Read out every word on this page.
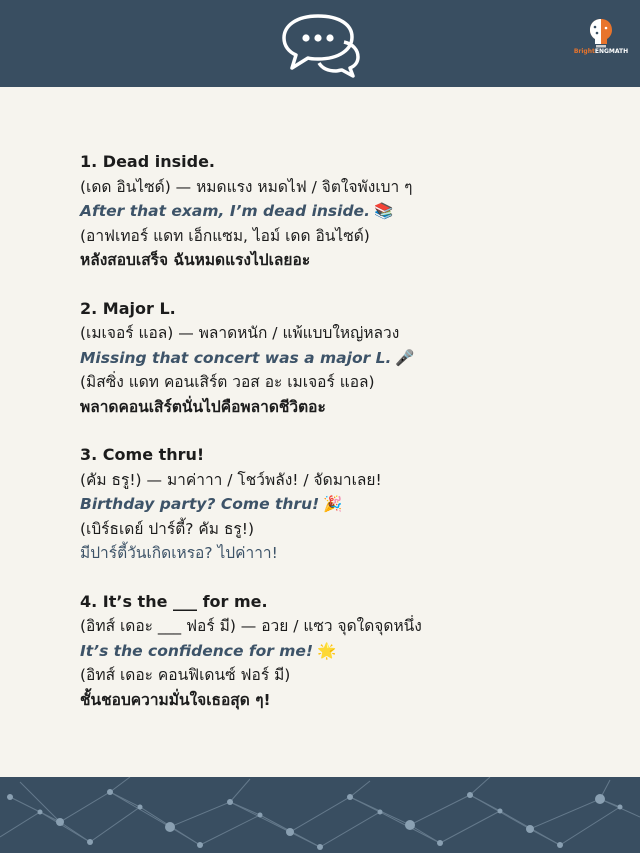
BrightENGMATH
1. Dead inside.
(เดด อินไซด์) — หมดแรง หมดไฟ / จิตใจพังเบา ๆ
After that exam, I’m dead inside. 📚
(อาฟเทอร์ แดท เอ็กแซม, ไอม์ เดด อินไซด์)
หลังสอบเสร็จ ฉันหมดแรงไปเลยอะ
2. Major L.
(เมเจอร์ แอล) — พลาดหนัก / แพ้แบบใหญ่หลวง
Missing that concert was a major L. 🎤
(มิสซิ่ง แดท คอนเสิร์ต วอส อะ เมเจอร์ แอล)
พลาดคอนเสิร์ตนั่นไปคือพลาดชีวิตอะ
3. Come thru!
(คัม ธรู!) — มาค่าาา / โชว์พลัง! / จัดมาเลย!
Birthday party? Come thru! 🎉
(เบิร์ธเดย์ ปาร์ตี้? คัม ธรู!)
มีปาร์ตี้วันเกิดเหรอ? ไปค่าาา!
4. It’s the ___ for me.
(อิทส์ เดอะ ___ ฟอร์ มี) — อวย / แซว จุดใดจุดหนึ่ง
It’s the confidence for me! 🌟
(อิทส์ เดอะ คอนฟิเดนซ์ ฟอร์ มี)
ชั้นชอบความมั่นใจเธอสุด ๆ!
